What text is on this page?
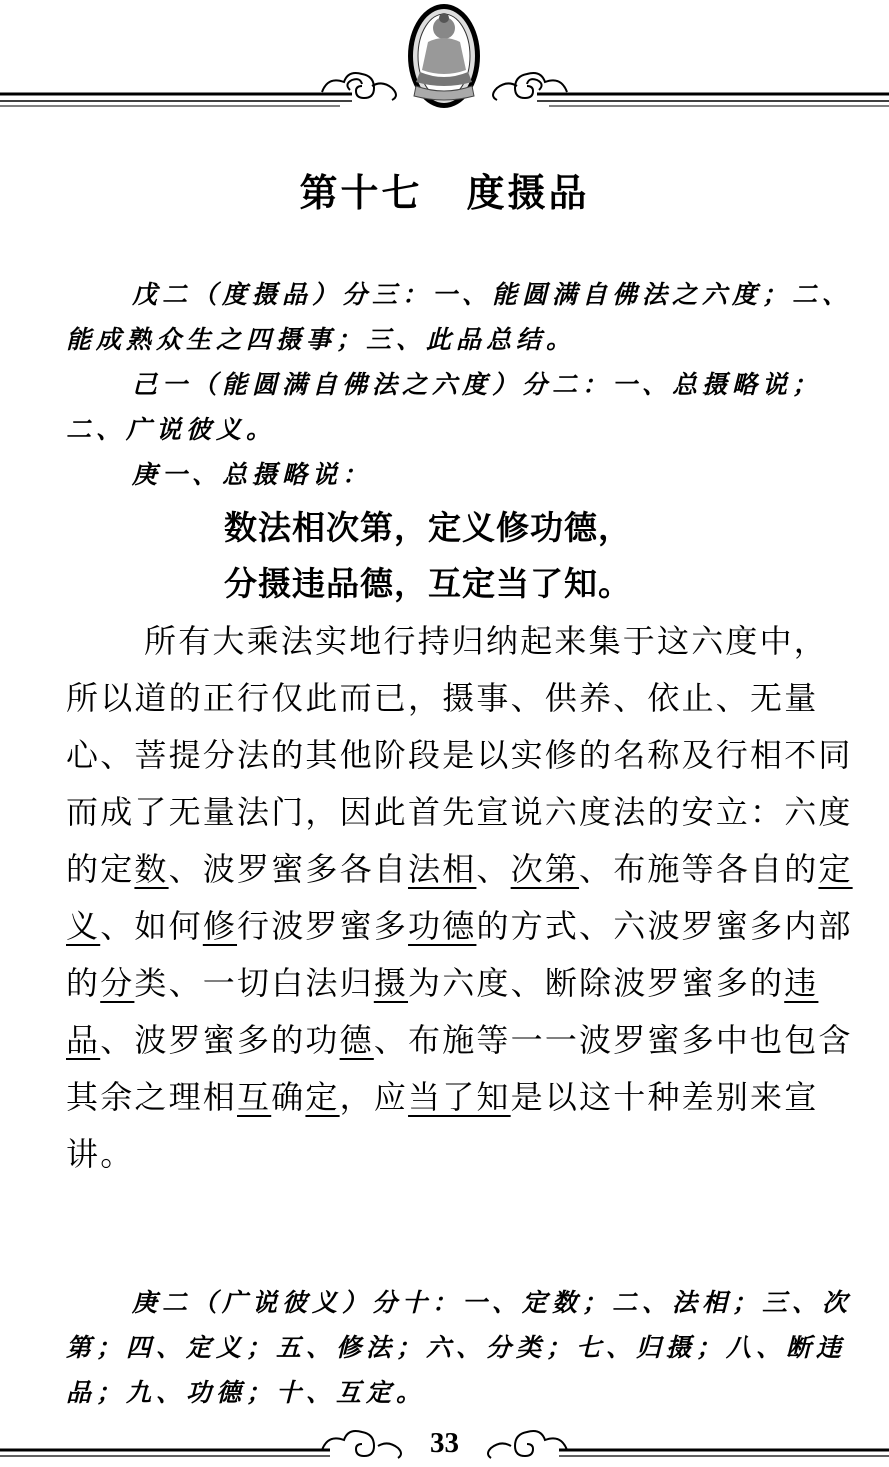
第十七 度摄品

戊二（度摄品）分三：一、能圆满自佛法之六度；二、能成熟众生之四摄事；三、此品总结。

己一（能圆满自佛法之六度）分二：一、总摄略说；二、广说彼义。

庚一、总摄略说：

数法相次第，定义修功德，
分摄违品德，互定当了知。

所有大乘法实地行持归纳起来集于这六度中，所以道的正行仅此而已，摄事、供养、依止、无量心、菩提分法的其他阶段是以实修的名称及行相不同而成了无量法门，因此首先宣说六度法的安立：六度的定数、波罗蜜多各自法相、次第、布施等各自的定义、如何修行波罗蜜多功德的方式、六波罗蜜多内部的分类、一切白法归摄为六度、断除波罗蜜多的违品、波罗蜜多的功德、布施等一一波罗蜜多中也包含其余之理相互确定，应当了知是以这十种差别来宣讲。

庚二（广说彼义）分十：一、定数；二、法相；三、次第；四、定义；五、修法；六、分类；七、归摄；八、断违品；九、功德；十、互定。

33
